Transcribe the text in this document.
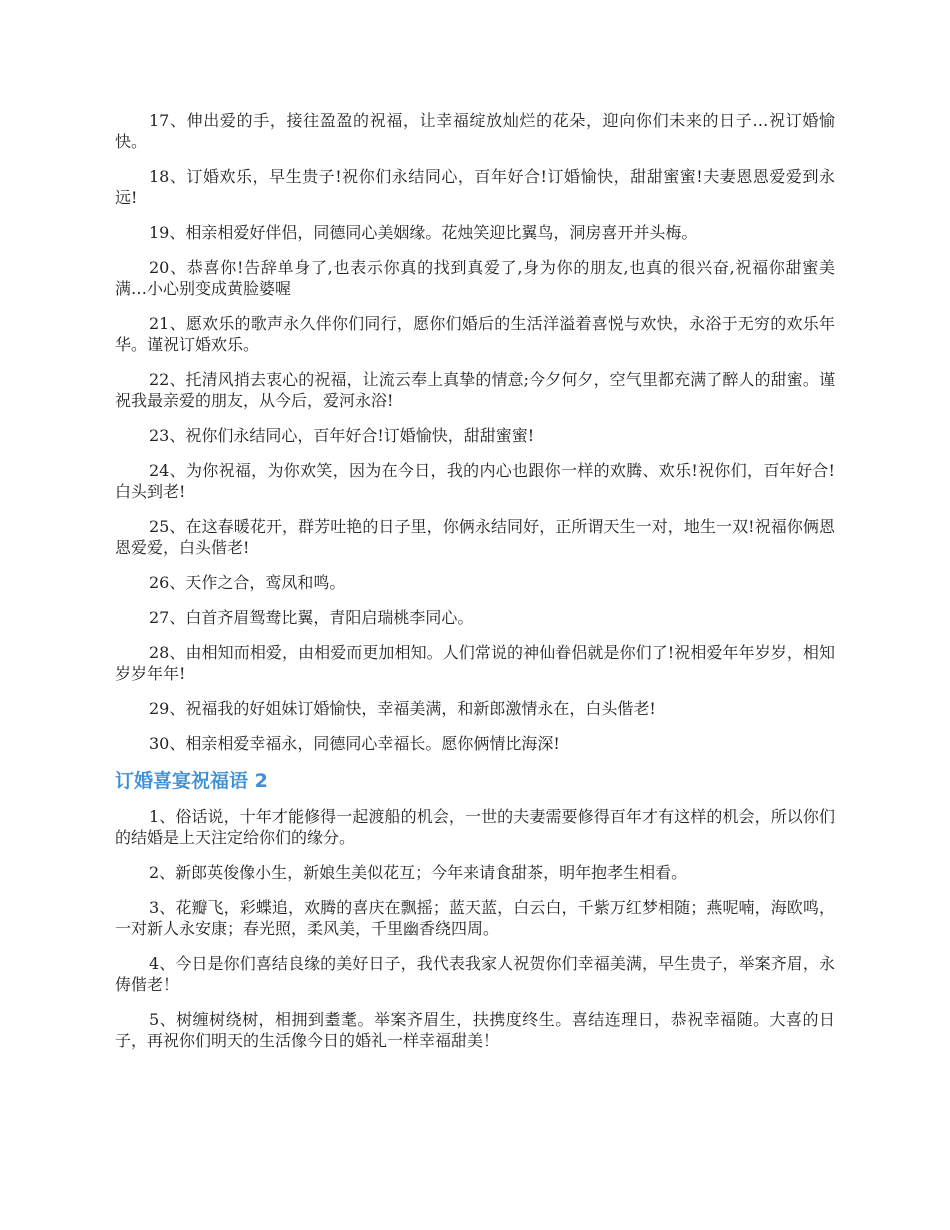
17、伸出爱的手，接往盈盈的祝福，让幸福绽放灿烂的花朵，迎向你们未来的日子…祝订婚愉快。

18、订婚欢乐，早生贵子!祝你们永结同心，百年好合!订婚愉快，甜甜蜜蜜!夫妻恩恩爱爱到永远!

19、相亲相爱好伴侣，同德同心美姻缘。花烛笑迎比翼鸟，洞房喜开并头梅。

20、恭喜你!告辞单身了,也表示你真的找到真爱了,身为你的朋友,也真的很兴奋,祝福你甜蜜美满…小心别变成黄脸婆喔

21、愿欢乐的歌声永久伴你们同行，愿你们婚后的生活洋溢着喜悦与欢快，永浴于无穷的欢乐年华。谨祝订婚欢乐。

22、托清风捎去衷心的祝福，让流云奉上真挚的情意;今夕何夕，空气里都充满了醉人的甜蜜。谨祝我最亲爱的朋友，从今后，爱河永浴!

23、祝你们永结同心，百年好合!订婚愉快，甜甜蜜蜜!

24、为你祝福，为你欢笑，因为在今日，我的内心也跟你一样的欢腾、欢乐!祝你们，百年好合!白头到老!

25、在这春暖花开，群芳吐艳的日子里，你俩永结同好，正所谓天生一对，地生一双!祝福你俩恩恩爱爱，白头偕老!

26、天作之合，鸾凤和鸣。

27、白首齐眉鸳鸯比翼，青阳启瑞桃李同心。

28、由相知而相爱，由相爱而更加相知。人们常说的神仙眷侣就是你们了!祝相爱年年岁岁，相知岁岁年年!

29、祝福我的好姐妹订婚愉快，幸福美满，和新郎激情永在，白头偕老!

30、相亲相爱幸福永，同德同心幸福长。愿你俩情比海深!

订婚喜宴祝福语 2

1、俗话说，十年才能修得一起渡船的机会，一世的夫妻需要修得百年才有这样的机会，所以你们的结婚是上天注定给你们的缘分。

2、新郎英俊像小生，新娘生美似花互；今年来请食甜茶，明年抱孝生相看。

3、花瓣飞，彩蝶追，欢腾的喜庆在飘摇；蓝天蓝，白云白，千紫万红梦相随；燕呢喃，海欧鸣，一对新人永安康；春光照，柔风美，千里幽香绕四周。

4、今日是你们喜结良缘的美好日子，我代表我家人祝贺你们幸福美满，早生贵子，举案齐眉，永俦偕老！

5、树缠树绕树，相拥到耋耄。举案齐眉生，扶携度终生。喜结连理日，恭祝幸福随。大喜的日子，再祝你们明天的生活像今日的婚礼一样幸福甜美！
